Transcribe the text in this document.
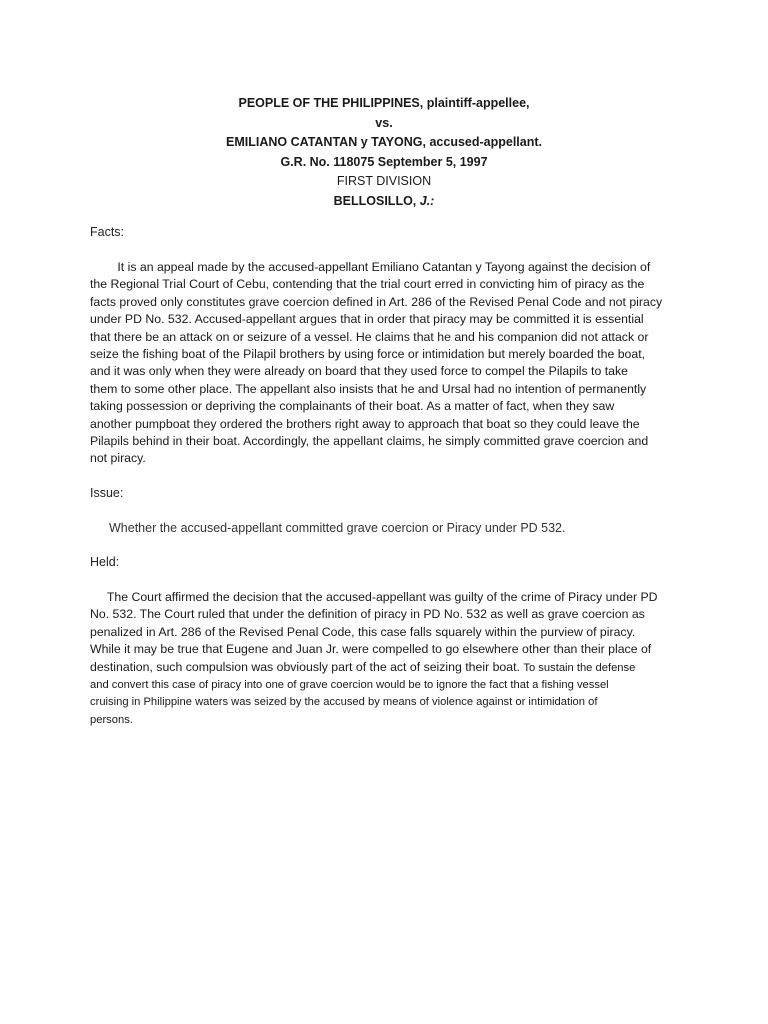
PEOPLE OF THE PHILIPPINES, plaintiff-appellee,
vs.
EMILIANO CATANTAN y TAYONG, accused-appellant.
G.R. No. 118075 September 5, 1997
FIRST DIVISION
BELLOSILLO, J.:
Facts:
It is an appeal made by the accused-appellant Emiliano Catantan y Tayong against the decision of
the Regional Trial Court of Cebu, contending that the trial court erred in convicting him of piracy as the
facts proved only constitutes grave coercion defined in Art. 286 of the Revised Penal Code and not piracy
under PD No. 532. Accused-appellant argues that in order that piracy may be committed it is essential
that there be an attack on or seizure of a vessel. He claims that he and his companion did not attack or
seize the fishing boat of the Pilapil brothers by using force or intimidation but merely boarded the boat,
and it was only when they were already on board that they used force to compel the Pilapils to take
them to some other place. The appellant also insists that he and Ursal had no intention of permanently
taking possession or depriving the complainants of their boat. As a matter of fact, when they saw
another pumpboat they ordered the brothers right away to approach that boat so they could leave the
Pilapils behind in their boat. Accordingly, the appellant claims, he simply committed grave coercion and
not piracy.
Issue:
Whether the accused-appellant committed grave coercion or Piracy under PD 532.
Held:
The Court affirmed the decision that the accused-appellant was guilty of the crime of Piracy under PD
No. 532. The Court ruled that under the definition of piracy in PD No. 532 as well as grave coercion as
penalized in Art. 286 of the Revised Penal Code, this case falls squarely within the purview of piracy.
While it may be true that Eugene and Juan Jr. were compelled to go elsewhere other than their place of
destination, such compulsion was obviously part of the act of seizing their boat. To sustain the defense
and convert this case of piracy into one of grave coercion would be to ignore the fact that a fishing vessel
cruising in Philippine waters was seized by the accused by means of violence against or intimidation of
persons.
